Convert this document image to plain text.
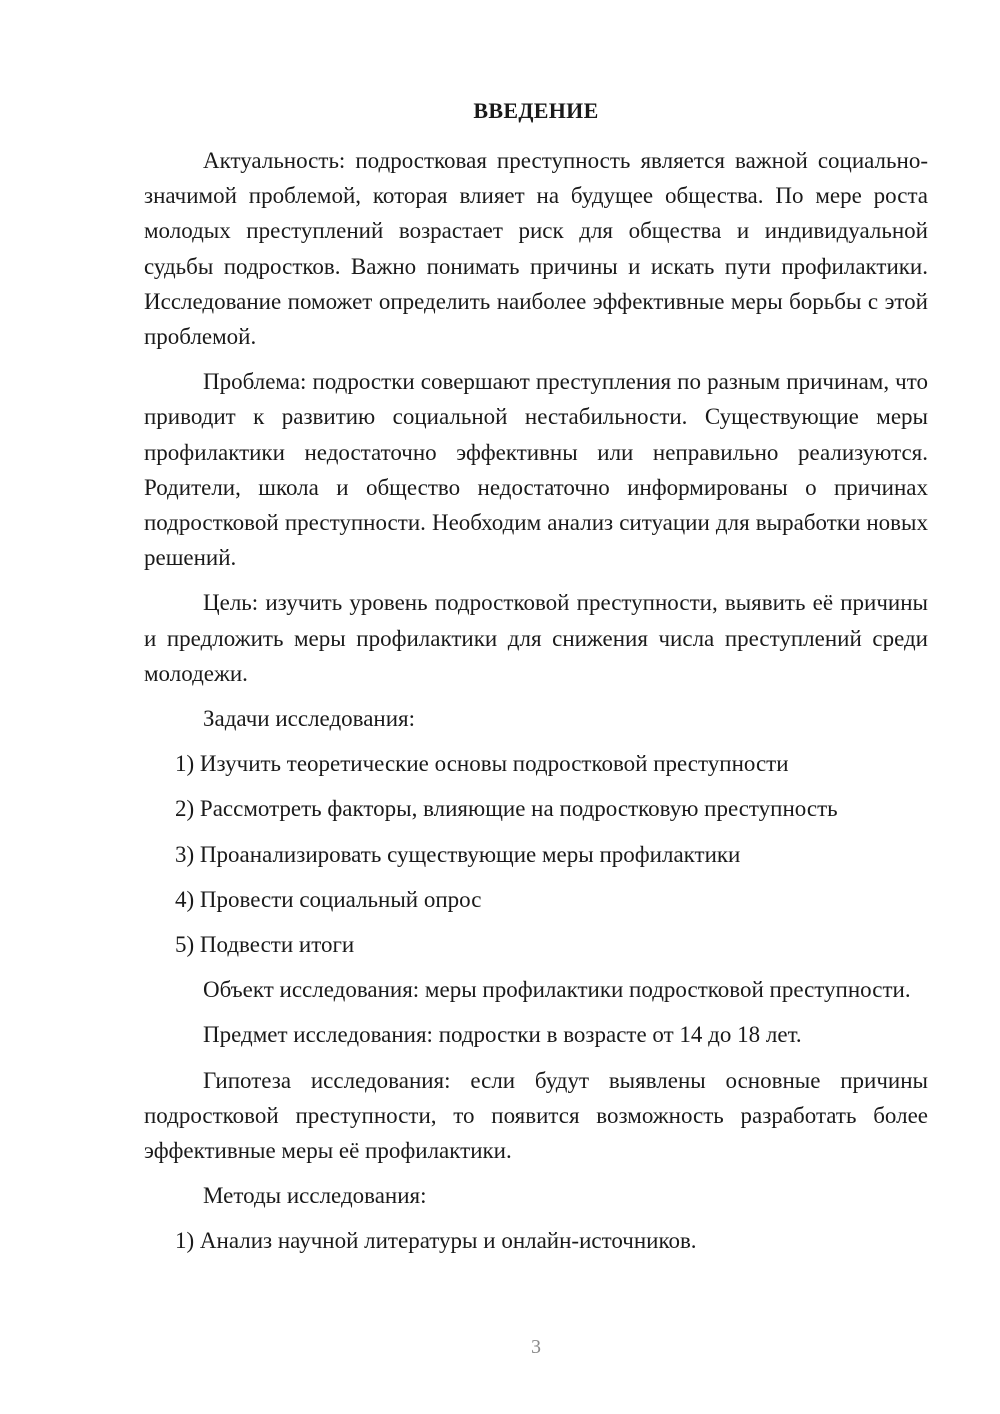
ВВЕДЕНИЕ

Актуальность: подростковая преступность является важной социально-значимой проблемой, которая влияет на будущее общества. По мере роста молодых преступлений возрастает риск для общества и индивидуальной судьбы подростков. Важно понимать причины и искать пути профилактики. Исследование поможет определить наиболее эффективные меры борьбы с этой проблемой.

Проблема: подростки совершают преступления по разным причинам, что приводит к развитию социальной нестабильности. Существующие меры профилактики недостаточно эффективны или неправильно реализуются. Родители, школа и общество недостаточно информированы о причинах подростковой преступности. Необходим анализ ситуации для выработки новых решений.

Цель: изучить уровень подростковой преступности, выявить её причины и предложить меры профилактики для снижения числа преступлений среди молодежи.

Задачи исследования:

1) Изучить теоретические основы подростковой преступности

2) Рассмотреть факторы, влияющие на подростковую преступность

3) Проанализировать существующие меры профилактики

4) Провести социальный опрос

5) Подвести итоги

Объект исследования: меры профилактики подростковой преступности.

Предмет исследования: подростки в возрасте от 14 до 18 лет.

Гипотеза исследования: если будут выявлены основные причины подростковой преступности, то появится возможность разработать более эффективные меры её профилактики.

Методы исследования:

1) Анализ научной литературы и онлайн-источников.

3
